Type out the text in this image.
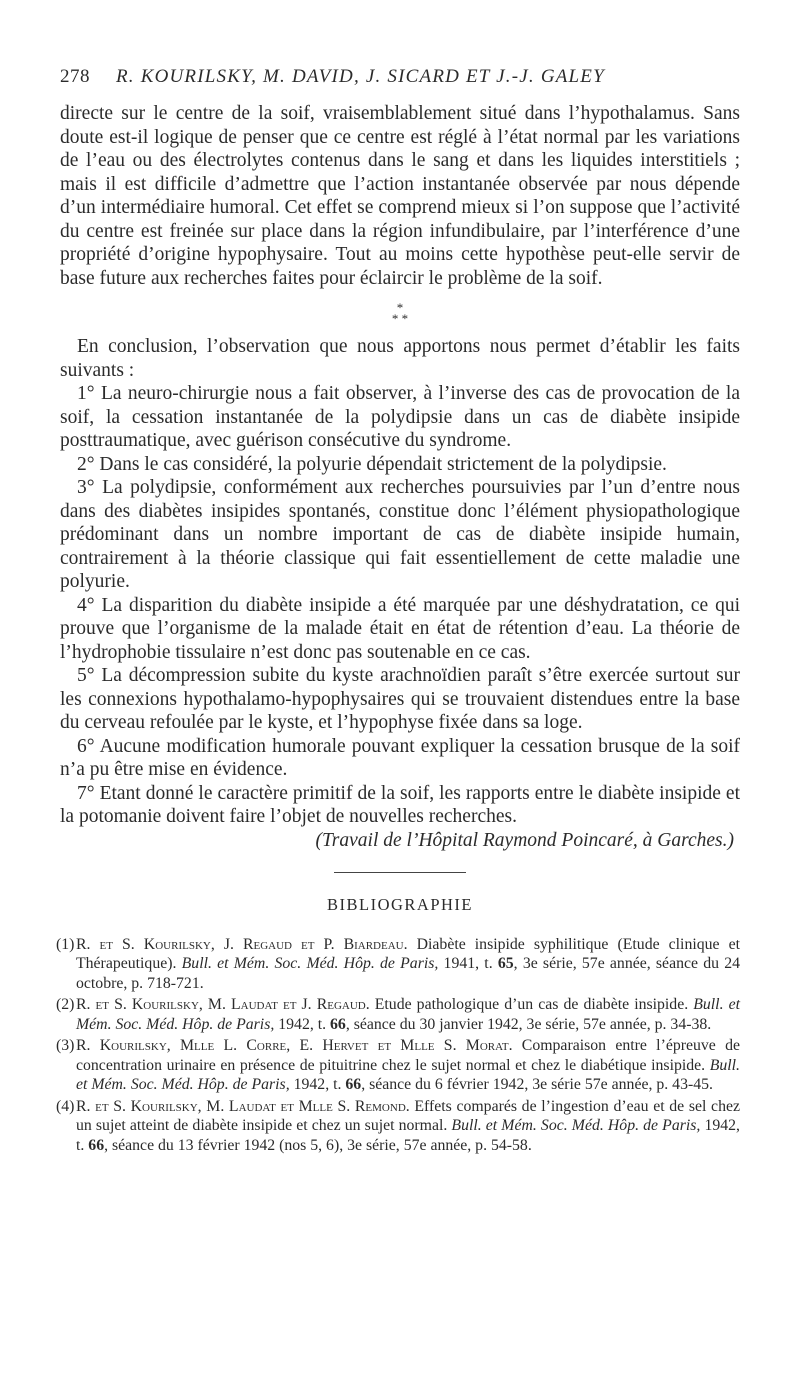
278 R. KOURILSKY, M. DAVID, J. SICARD ET J.-J. GALEY

directe sur le centre de la soif, vraisemblablement situé dans l’hypothalamus. Sans doute est-il logique de penser que ce centre est réglé à l’état normal par les variations de l’eau ou des électrolytes contenus dans le sang et dans les liquides interstitiels ; mais il est difficile d’admettre que l’action instantanée observée par nous dépende d’un intermédiaire humoral. Cet effet se comprend mieux si l’on suppose que l’activité du centre est freinée sur place dans la région infundibulaire, par l’interférence d’une propriété d’origine hypophysaire. Tout au moins cette hypothèse peut-elle servir de base future aux recherches faites pour éclaircir le problème de la soif.

*
* *

En conclusion, l’observation que nous apportons nous permet d’établir les faits suivants :

1° La neuro-chirurgie nous a fait observer, à l’inverse des cas de provocation de la soif, la cessation instantanée de la polydipsie dans un cas de diabète insipide posttraumatique, avec guérison consécutive du syndrome.

2° Dans le cas considéré, la polyurie dépendait strictement de la polydipsie.

3° La polydipsie, conformément aux recherches poursuivies par l’un d’entre nous dans des diabètes insipides spontanés, constitue donc l’élément physiopathologique prédominant dans un nombre important de cas de diabète insipide humain, contrairement à la théorie classique qui fait essentiellement de cette maladie une polyurie.

4° La disparition du diabète insipide a été marquée par une déshydratation, ce qui prouve que l’organisme de la malade était en état de rétention d’eau. La théorie de l’hydrophobie tissulaire n’est donc pas soutenable en ce cas.

5° La décompression subite du kyste arachnoïdien paraît s’être exercée surtout sur les connexions hypothalamo-hypophysaires qui se trouvaient distendues entre la base du cerveau refoulée par le kyste, et l’hypophyse fixée dans sa loge.

6° Aucune modification humorale pouvant expliquer la cessation brusque de la soif n’a pu être mise en évidence.

7° Etant donné le caractère primitif de la soif, les rapports entre le diabète insipide et la potomanie doivent faire l’objet de nouvelles recherches.

(Travail de l’Hôpital Raymond Poincaré, à Garches.)

BIBLIOGRAPHIE
(1) R. et S. Kourilsky, J. Regaud et P. Biardeau. Diabète insipide syphilitique (Etude clinique et Thérapeutique). Bull. et Mém. Soc. Méd. Hôp. de Paris, 1941, t. 65, 3e série, 57e année, séance du 24 octobre, p. 718-721.
(2) R. et S. Kourilsky, M. Laudat et J. Regaud. Etude pathologique d’un cas de diabète insipide. Bull. et Mém. Soc. Méd. Hôp. de Paris, 1942, t. 66, séance du 30 janvier 1942, 3e série, 57e année, p. 34-38.
(3) R. Kourilsky, Mlle L. Corre, E. Hervet et Mlle S. Morat. Comparaison entre l’épreuve de concentration urinaire en présence de pituitrine chez le sujet normal et chez le diabétique insipide. Bull. et Mém. Soc. Méd. Hôp. de Paris, 1942, t. 66, séance du 6 février 1942, 3e série 57e année, p. 43-45.
(4) R. et S. Kourilsky, M. Laudat et Mlle S. Remond. Effets comparés de l’ingestion d’eau et de sel chez un sujet atteint de diabète insipide et chez un sujet normal. Bull. et Mém. Soc. Méd. Hôp. de Paris, 1942, t. 66, séance du 13 février 1942 (nos 5, 6), 3e série, 57e année, p. 54-58.
